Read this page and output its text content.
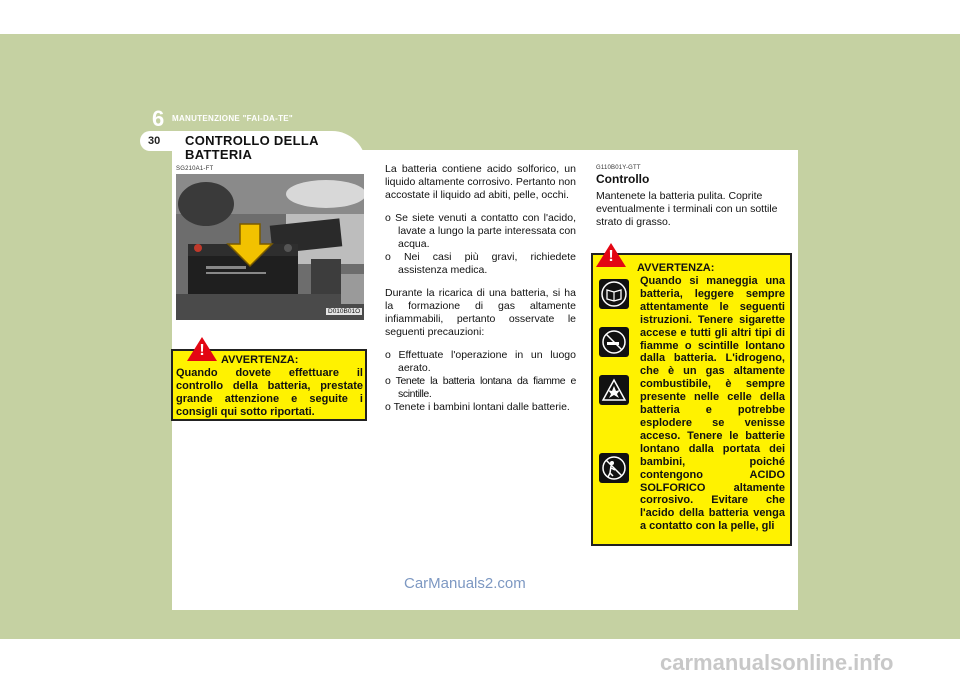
6 MANUTENZIONE "FAI-DA-TE"
30 CONTROLLO DELLA
BATTERIA
SG210A1-FT
D010B01O
!
AVVERTENZA:
Quando dovete effettuare il controllo della batteria, prestate grande attenzione e seguite i consigli qui sotto riportati.

La batteria contiene acido solforico, un liquido altamente corrosivo. Pertanto non accostate il liquido ad abiti, pelle, occhi.

o Se siete venuti a contatto con l'acido, lavate a lungo la parte interessata con acqua.
o Nei casi più gravi, richiedete assistenza medica.

Durante la ricarica di una batteria, si ha la formazione di gas altamente infiammabili, pertanto osservate le seguenti precauzioni:

o Effettuate l'operazione in un luogo aerato.
o Tenete la batteria lontana da fiamme e scintille.
o Tenete i bambini lontani dalle batterie.
G110B01Y-GTT
Controllo
Mantenete la batteria pulita. Coprite eventualmente i terminali con un sottile strato di grasso.
!
AVVERTENZA:
Quando si maneggia una batteria, leggere sempre attentamente le seguenti istruzioni. Tenere sigarette accese e tutti gli altri tipi di fiamme o scintille lontano dalla batteria. L'idrogeno, che è un gas altamente combustibile, è sempre presente nelle celle della batteria e potrebbe esplodere se venisse acceso. Tenere le batterie lontano dalla portata dei bambini, poiché contengono ACIDO SOLFORICO altamente corrosivo. Evitare che l'acido della batteria venga a contatto con la pelle, gli
CarManuals2.com
carmanualsonline.info
